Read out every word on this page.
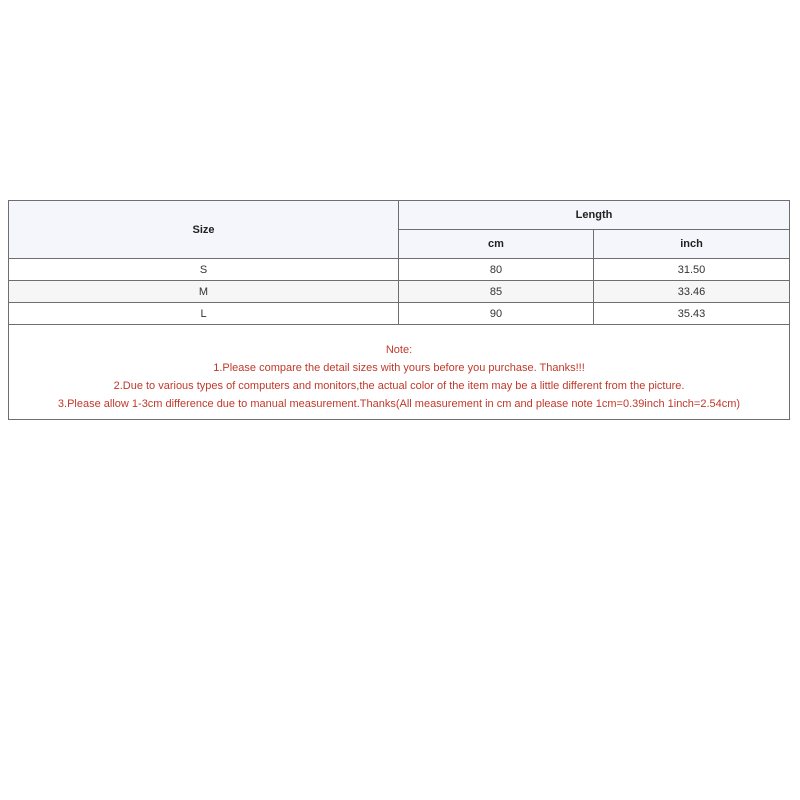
Size	Length	
	cm	inch
S	80	31.50
M	85	33.46
L	90	35.43

Note:
1.Please compare the detail sizes with yours before you purchase. Thanks!!!
2.Due to various types of computers and monitors,the actual color of the item may be a little different from the picture.
3.Please allow 1-3cm difference due to manual measurement.Thanks(All measurement in cm and please note 1cm=0.39inch 1inch=2.54cm)		
